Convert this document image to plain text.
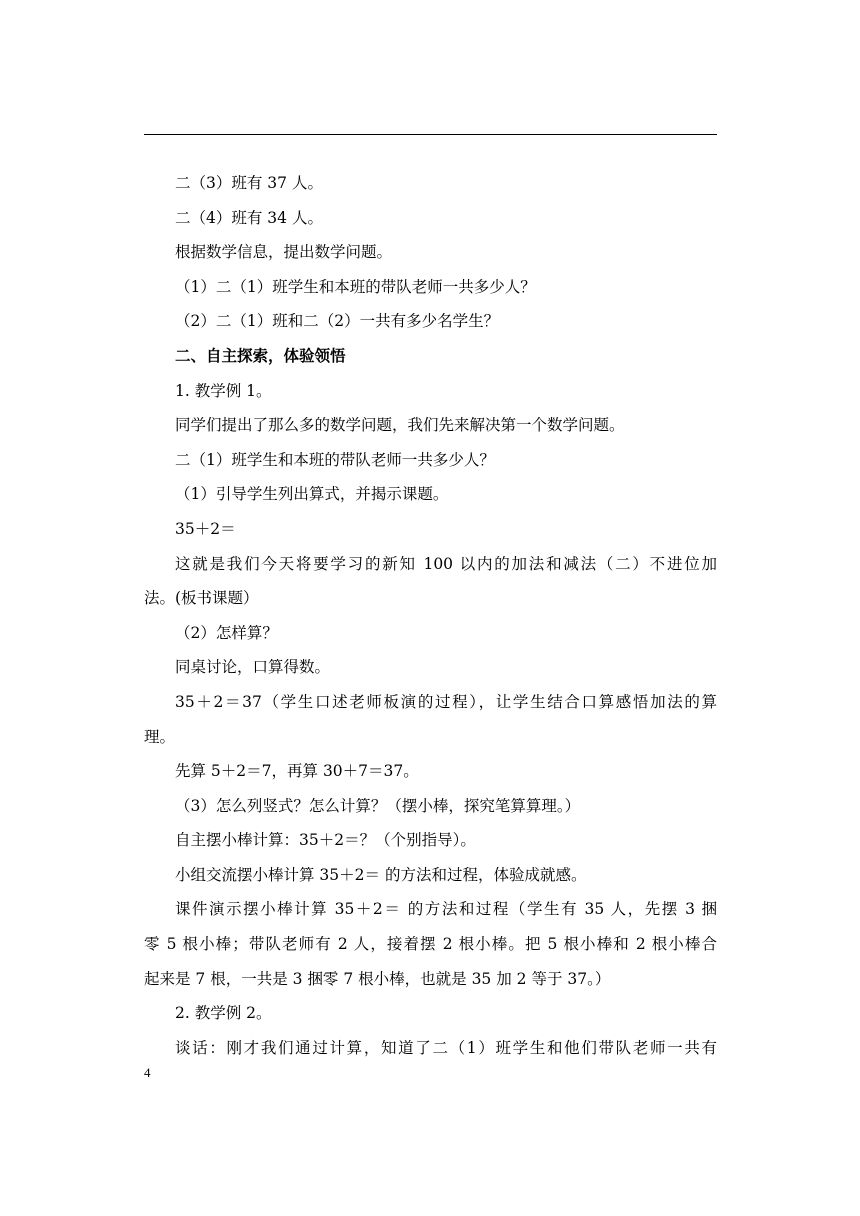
二（3）班有 37 人。
二（4）班有 34 人。
根据数学信息，提出数学问题。
（1）二（1）班学生和本班的带队老师一共多少人？
（2）二（1）班和二（2）一共有多少名学生？
二、自主探索，体验领悟
1. 教学例 1。
同学们提出了那么多的数学问题，我们先来解决第一个数学问题。
二（1）班学生和本班的带队老师一共多少人？
（1）引导学生列出算式，并揭示课题。
35＋2＝
这就是我们今天将要学习的新知 100 以内的加法和减法（二）不进位加
法。(板书课题）
（2）怎样算？
同桌讨论，口算得数。
35＋2＝37（学生口述老师板演的过程），让学生结合口算感悟加法的算
理。
先算 5＋2＝7，再算 30＋7＝37。
（3）怎么列竖式？怎么计算？（摆小棒，探究笔算算理。）
自主摆小棒计算：35＋2＝？（个别指导）。
小组交流摆小棒计算 35＋2＝ 的方法和过程，体验成就感。
课件演示摆小棒计算 35＋2＝ 的方法和过程（学生有 35 人，先摆 3 捆
零 5 根小棒；带队老师有 2 人，接着摆 2 根小棒。把 5 根小棒和 2 根小棒合
起来是 7 根，一共是 3 捆零 7 根小棒，也就是 35 加 2 等于 37。）
2. 教学例 2。
谈话：刚才我们通过计算，知道了二（1）班学生和他们带队老师一共有
4
